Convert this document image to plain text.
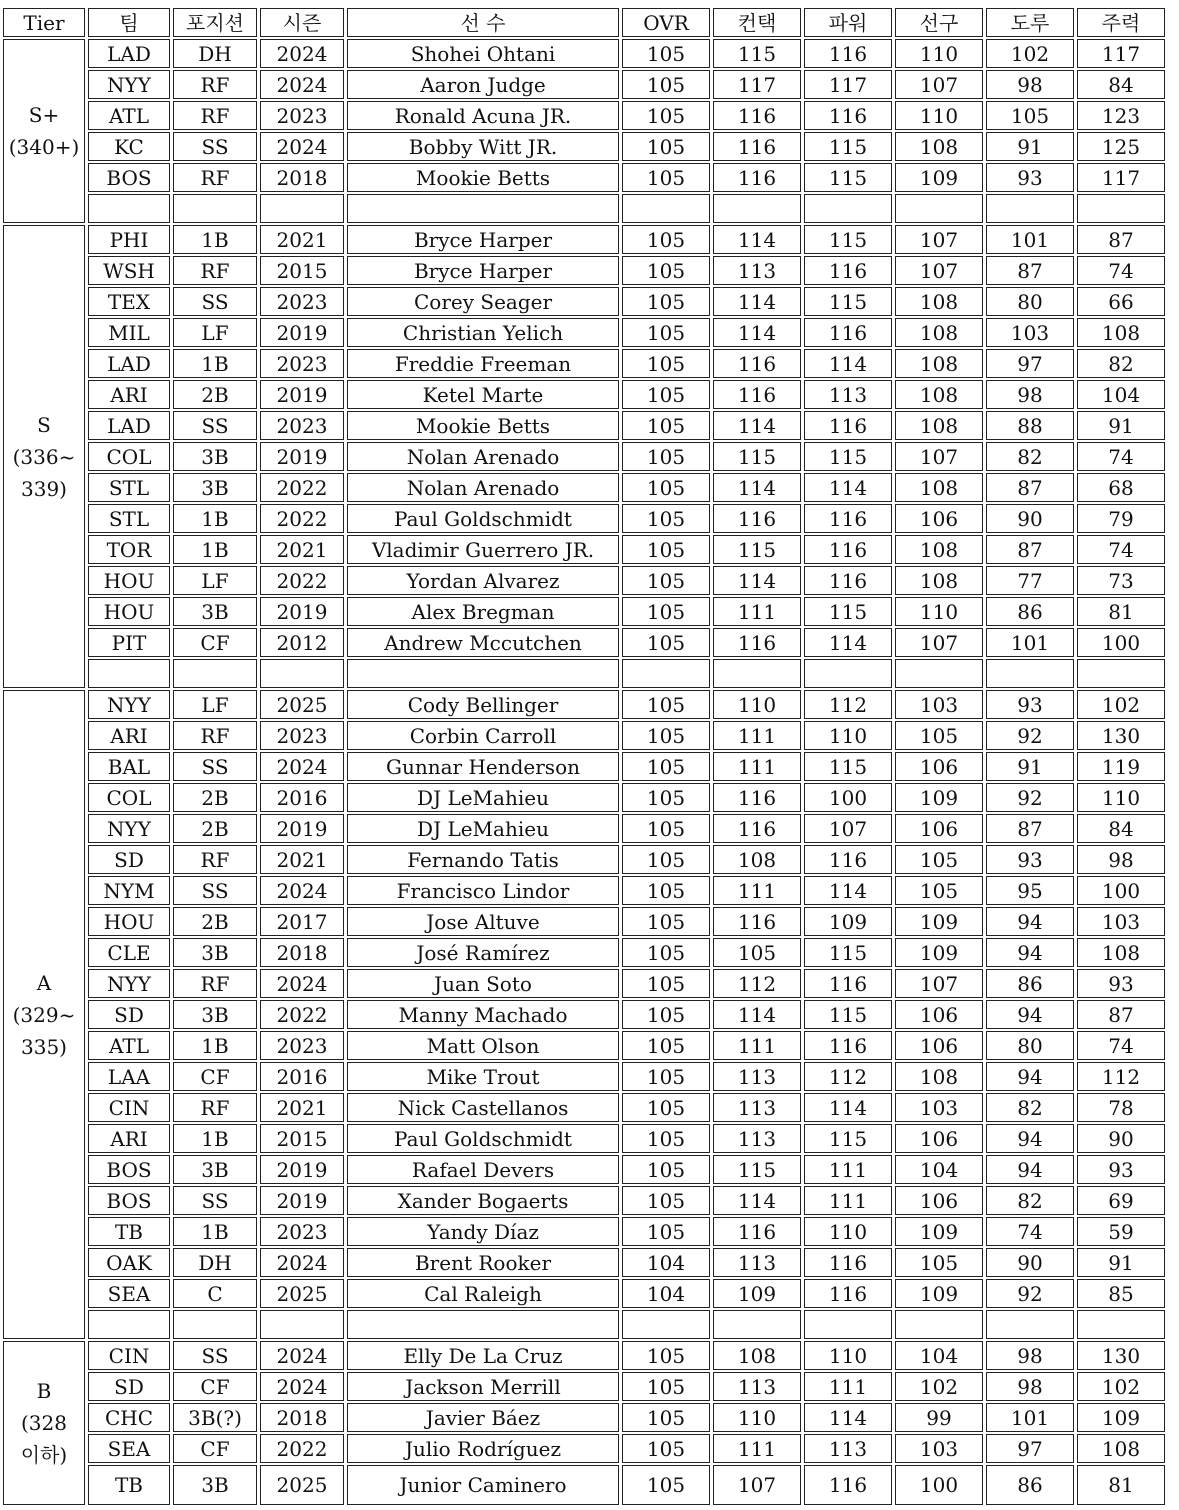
Tier	팀	포지션	시즌	선 수	OVR	컨택	파워	선구	도루	주력

S+
(340+)	LAD	DH	2024	Shohei Ohtani	105	115	116	110	102	117
	NYY	RF	2024	Aaron Judge	105	117	117	107	98	84
	ATL	RF	2023	Ronald Acuna JR.	105	116	116	110	105	123
	KC	SS	2024	Bobby Witt JR.	105	116	115	108	91	125
	BOS	RF	2018	Mookie Betts	105	116	115	109	93	117

S
(336~
339)	PHI	1B	2021	Bryce Harper	105	114	115	107	101	87
	WSH	RF	2015	Bryce Harper	105	113	116	107	87	74
	TEX	SS	2023	Corey Seager	105	114	115	108	80	66
	MIL	LF	2019	Christian Yelich	105	114	116	108	103	108
	LAD	1B	2023	Freddie Freeman	105	116	114	108	97	82
	ARI	2B	2019	Ketel Marte	105	116	113	108	98	104
	LAD	SS	2023	Mookie Betts	105	114	116	108	88	91
	COL	3B	2019	Nolan Arenado	105	115	115	107	82	74
	STL	3B	2022	Nolan Arenado	105	114	114	108	87	68
	STL	1B	2022	Paul Goldschmidt	105	116	116	106	90	79
	TOR	1B	2021	Vladimir Guerrero JR.	105	115	116	108	87	74
	HOU	LF	2022	Yordan Alvarez	105	114	116	108	77	73
	HOU	3B	2019	Alex Bregman	105	111	115	110	86	81
	PIT	CF	2012	Andrew Mccutchen	105	116	114	107	101	100

A
(329~
335)	NYY	LF	2025	Cody Bellinger	105	110	112	103	93	102
	ARI	RF	2023	Corbin Carroll	105	111	110	105	92	130
	BAL	SS	2024	Gunnar Henderson	105	111	115	106	91	119
	COL	2B	2016	DJ LeMahieu	105	116	100	109	92	110
	NYY	2B	2019	DJ LeMahieu	105	116	107	106	87	84
	SD	RF	2021	Fernando Tatis	105	108	116	105	93	98
	NYM	SS	2024	Francisco Lindor	105	111	114	105	95	100
	HOU	2B	2017	Jose Altuve	105	116	109	109	94	103
	CLE	3B	2018	José Ramírez	105	105	115	109	94	108
	NYY	RF	2024	Juan Soto	105	112	116	107	86	93
	SD	3B	2022	Manny Machado	105	114	115	106	94	87
	ATL	1B	2023	Matt Olson	105	111	116	106	80	74
	LAA	CF	2016	Mike Trout	105	113	112	108	94	112
	CIN	RF	2021	Nick Castellanos	105	113	114	103	82	78
	ARI	1B	2015	Paul Goldschmidt	105	113	115	106	94	90
	BOS	3B	2019	Rafael Devers	105	115	111	104	94	93
	BOS	SS	2019	Xander Bogaerts	105	114	111	106	82	69
	TB	1B	2023	Yandy Díaz	105	116	110	109	74	59
	OAK	DH	2024	Brent Rooker	104	113	116	105	90	91
	SEA	C	2025	Cal Raleigh	104	109	116	109	92	85

B
(328
이하)	CIN	SS	2024	Elly De La Cruz	105	108	110	104	98	130
	SD	CF	2024	Jackson Merrill	105	113	111	102	98	102
	CHC	3B(?)	2018	Javier Báez	105	110	114	99	101	109
	SEA	CF	2022	Julio Rodríguez	105	111	113	103	97	108
	TB	3B	2025	Junior Caminero	105	107	116	100	86	81
